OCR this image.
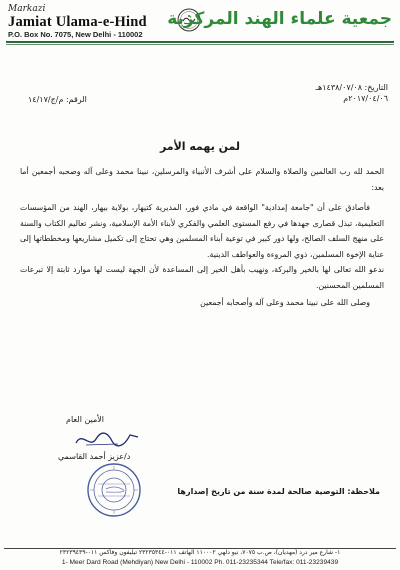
Markazi
Jamiat Ulama-e-Hind
P.O. Box No. 7075, New Delhi - 110002
جمعية علماء الهند المركزية
التاريخ: ١٤٣٨/٠٧/٠٨هـ
٢٠١٧/٠٤/٠٦م
الرقم: م/ج/١٤/١٧
لمن يهمه الأمر

الحمد لله رب العالمين والصلاة والسلام على أشرف الأنبياء والمرسلين، نبينا محمد وعلى آله وصحبه أجمعين أما بعد:

فأصادق على أن "جامعة إمدادية" الواقعة في مادي فور، المديرية كتيهار، بولاية بيهار، الهند من المؤسسات التعليمية، تبذل قصارى جهدها في رفع المستوى العلمي والفكري لأبناء الأمة الإسلامية، ونشر تعاليم الكتاب والسنة على منهج السلف الصالح، ولها دور كبير في توعية أبناء المسلمين وهي تحتاج إلى تكميل مشاريعها ومخططاتها إلى عناية الإخوة المسلمين، ذوي المروءة والعواطف الدينية.

ندعو الله تعالى لها بالخير والبركة، ونهيب بأهل الخير إلى المساعدة لأن الجهة ليست لها موارد ثابتة إلا تبرعات المسلمين المحسنين.

وصلى الله على نبينا محمد وعلى آله وأصحابه أجمعين

الأمين العام
د/عزيز أحمد القاسمي
ملاحظة: التوصية صالحة لمدة سنة من تاريخ إصدارها
١- شارع مير درد (مهديان)، ص.ب ٧٠٧٥، نيو دلهي ١١٠٠٠٢ الهاتف ٠١١-٢٣٢٣٥٣٤٤ تيليفون وفاكس ٠١١-٢٣٢٣٩٤٣٩
1- Meer Dard Road (Mehdiyan) New Delhi - 110002 Ph. 011-23235344 Tele/fax: 011-23239439
